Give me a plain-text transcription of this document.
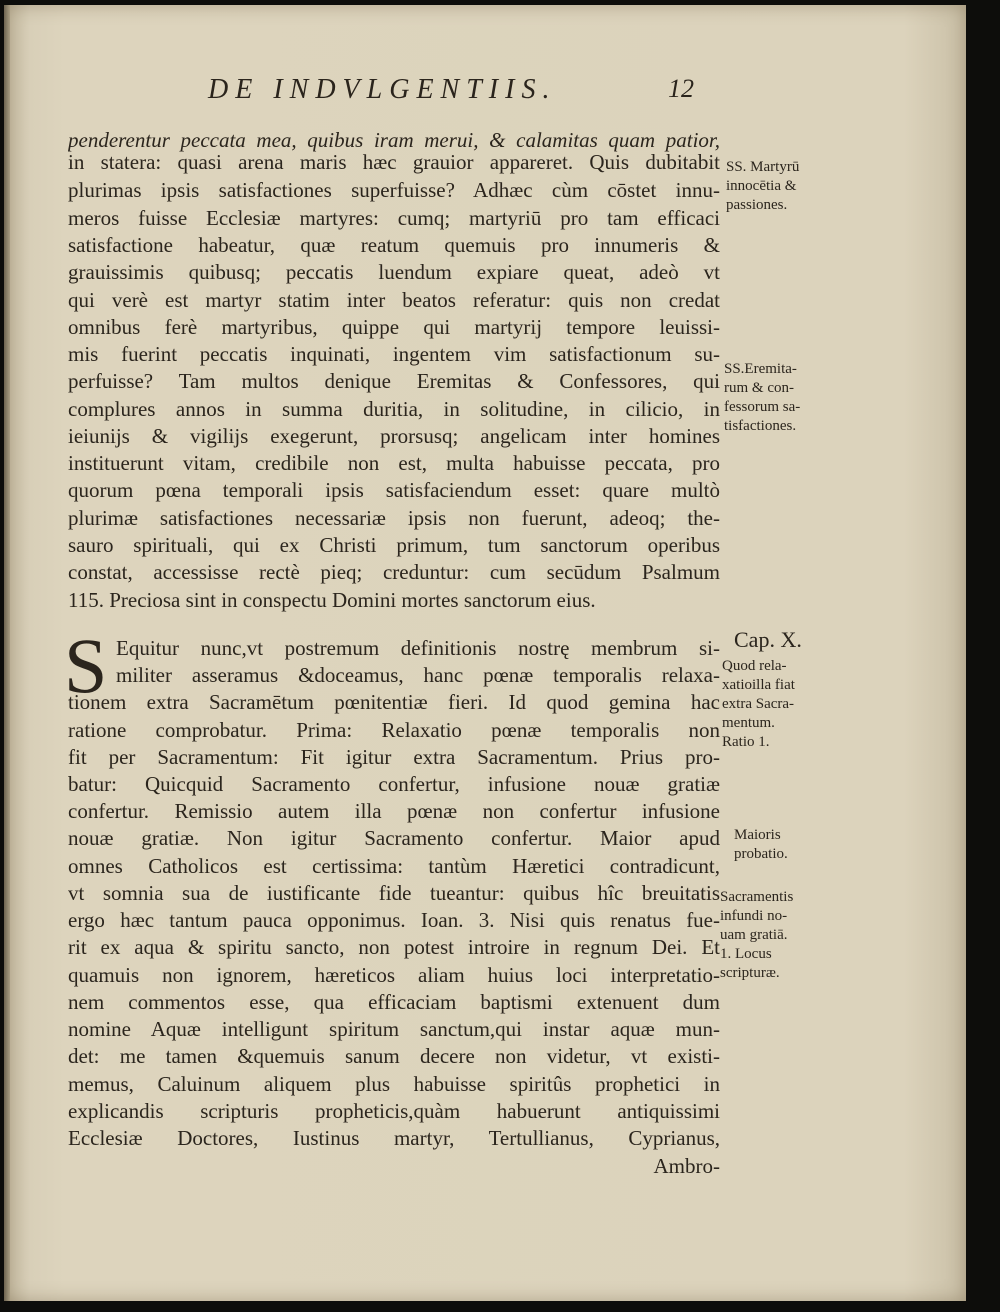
DE INDVLGENTIIS.	12
penderentur peccata mea, quibus iram merui, & calamitas quam patior,
in statera: quasi arena maris hæc grauior appareret. Quis dubitabit
plurimas ipsis satisfactiones superfuisse? Adhæc cùm cōstet innu-
meros fuisse Ecclesiæ martyres: cumq; martyriū pro tam efficaci
satisfactione habeatur, quæ reatum quemuis pro innumeris &
grauissimis quibusq; peccatis luendum expiare queat, adeò vt
qui verè est martyr statim inter beatos referatur: quis non credat
omnibus ferè martyribus, quippe qui martyrij tempore leuissi-
mis fuerint peccatis inquinati, ingentem vim satisfactionum su-
perfuisse? Tam multos denique Eremitas & Confessores, qui
complures annos in summa duritia, in solitudine, in cilicio, in
ieiunijs & vigilijs exegerunt, prorsusq; angelicam inter homines
instituerunt vitam, credibile non est, multa habuisse peccata, pro
quorum pœna temporali ipsis satisfaciendum esset: quare multò
plurimæ satisfactiones necessariæ ipsis non fuerunt, adeoq; the-
sauro spirituali, qui ex Christi primum, tum sanctorum operibus
constat, accessisse rectè pieq; creduntur: cum secūdum Psalmum
115. Preciosa sint in conspectu Domini mortes sanctorum eius.
S Equitur nunc,vt postremum definitionis nostrę membrum si-
militer asseramus &doceamus, hanc pœnæ temporalis relaxa-
tionem extra Sacramētum pœnitentiæ fieri. Id quod gemina hac
ratione comprobatur. Prima: Relaxatio pœnæ temporalis non
fit per Sacramentum: Fit igitur extra Sacramentum. Prius pro-
batur: Quicquid Sacramento confertur, infusione nouæ gratiæ
confertur. Remissio autem illa pœnæ non confertur infusione
nouæ gratiæ. Non igitur Sacramento confertur. Maior apud
omnes Catholicos est certissima: tantùm Hæretici contradicunt,
vt somnia sua de iustificante fide tueantur: quibus hîc breuitatis
ergo hæc tantum pauca opponimus. Ioan. 3. Nisi quis renatus fue-
rit ex aqua & spiritu sancto, non potest introire in regnum Dei. Et
quamuis non ignorem, hæreticos aliam huius loci interpretatio-
nem commentos esse, qua efficaciam baptismi extenuent dum
nomine Aquæ intelligunt spiritum sanctum,qui instar aquæ mun-
det: me tamen &quemuis sanum decere non videtur, vt existi-
memus, Caluinum aliquem plus habuisse spiritûs prophetici in
explicandis scripturis propheticis,quàm habuerunt antiquissimi
Ecclesiæ Doctores, Iustinus martyr, Tertullianus, Cyprianus,
Ambro-
SS. Martyrū
innocētia &
passiones.
SS.Eremita-
rum & con-
fessorum sa-
tisfactiones.
Cap. X.
Quod rela-
xatioilla fiat
extra Sacra-
mentum.
Ratio 1.
Maioris
probatio.
Sacramentis
infundi no-
uam gratiā.
1. Locus
scripturæ.
